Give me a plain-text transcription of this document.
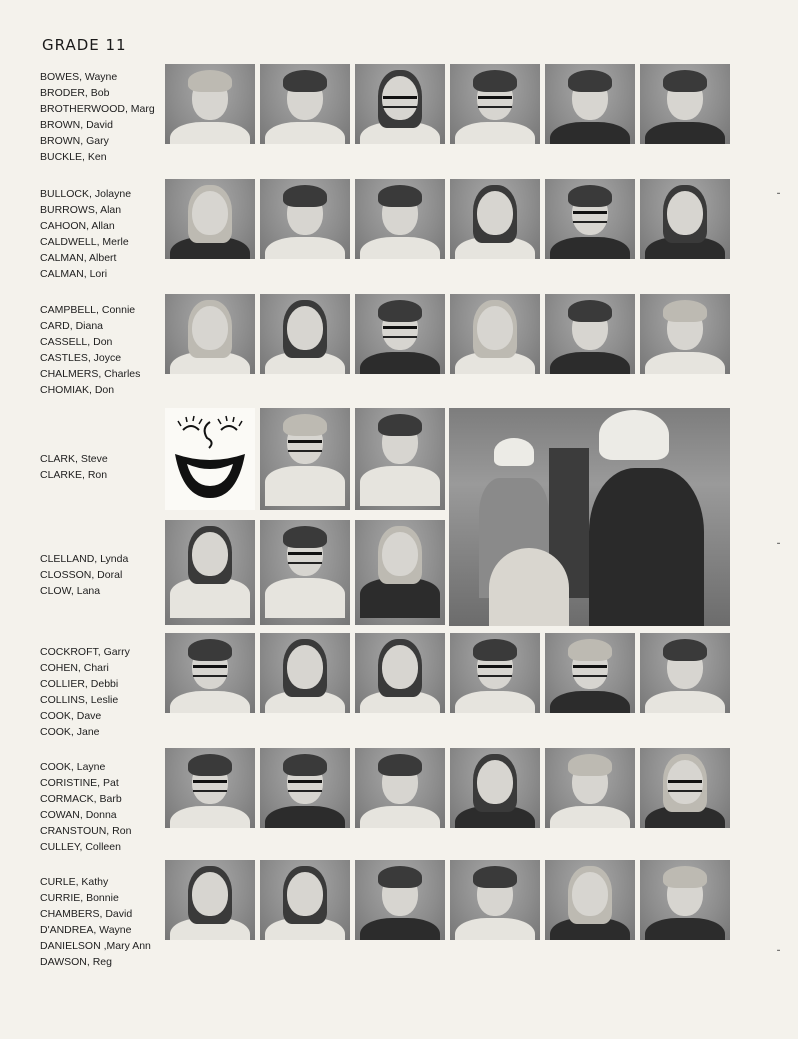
GRADE 11
BOWES, Wayne
BRODER, Bob
BROTHERWOOD, Marg
BROWN, David
BROWN, Gary
BUCKLE, Ken
BULLOCK, Jolayne
BURROWS, Alan
CAHOON, Allan
CALDWELL, Merle
CALMAN, Albert
CALMAN, Lori
CAMPBELL, Connie
CARD, Diana
CASSELL, Don
CASTLES, Joyce
CHALMERS, Charles
CHOMIAK, Don
CLARK, Steve
CLARKE, Ron
CLELLAND, Lynda
CLOSSON, Doral
CLOW, Lana
COCKROFT, Garry
COHEN, Chari
COLLIER, Debbi
COLLINS, Leslie
COOK, Dave
COOK, Jane
COOK, Layne
CORISTINE, Pat
CORMACK, Barb
COWAN, Donna
CRANSTOUN, Ron
CULLEY, Colleen
CURLE, Kathy
CURRIE, Bonnie
CHAMBERS, David
D'ANDREA, Wayne
DANIELSON ,Mary Ann
DAWSON, Reg
⁃
⁃
⁃
